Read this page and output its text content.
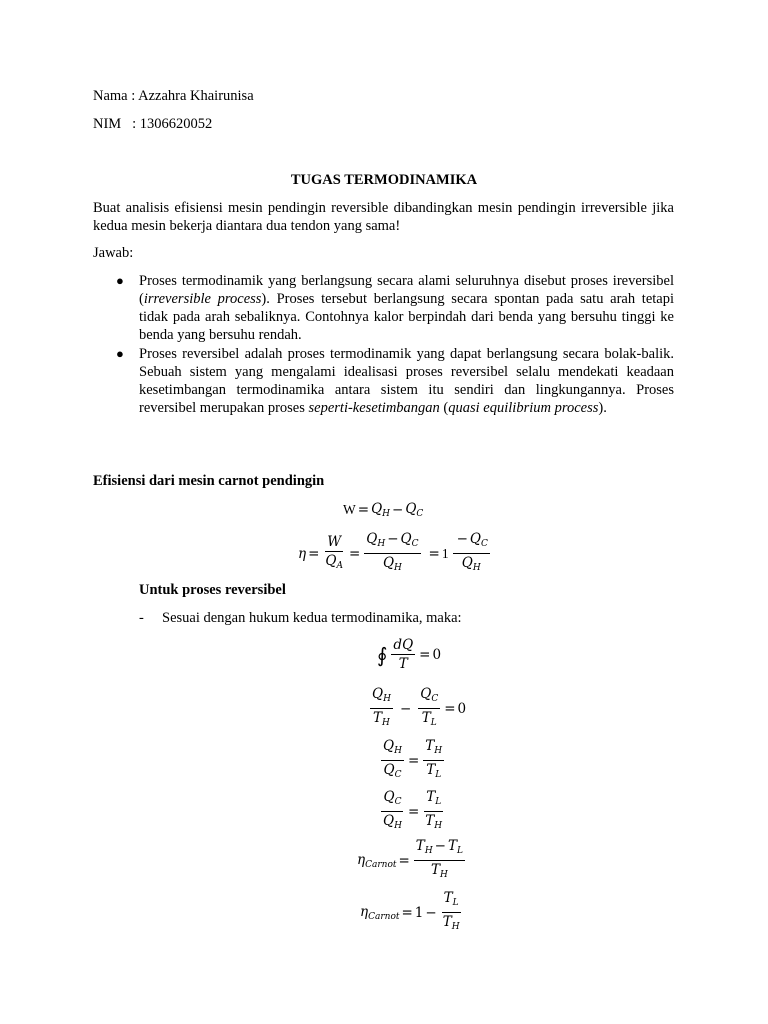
Nama : Azzahra Khairunisa
NIM   : 1306620052
TUGAS TERMODINAMIKA
Buat analisis efisiensi mesin pendingin reversible dibandingkan mesin pendingin irreversible jika kedua mesin bekerja diantara dua tendon yang sama!
Jawab:
● Proses termodinamik yang berlangsung secara alami seluruhnya disebut proses ireversibel (irreversible process). Proses tersebut berlangsung secara spontan pada satu arah tetapi tidak pada arah sebaliknya. Contohnya kalor berpindah dari benda yang bersuhu tinggi ke benda yang bersuhu rendah.
● Proses reversibel adalah proses termodinamik yang dapat berlangsung secara bolak-balik. Sebuah sistem yang mengalami idealisasi proses reversibel selalu mendekati keadaan kesetimbangan termodinamika antara sistem itu sendiri dan lingkungannya. Proses reversibel merupakan proses seperti-kesetimbangan (quasi equilibrium process).
Efisiensi dari mesin carnot pendingin
$W = Q_H - Q_C$
$\eta = \frac{W}{Q_A} = \frac{Q_H - Q_C}{Q_H} = 1 \frac{- Q_C}{Q_H}$
Untuk proses reversibel
- Sesuai dengan hukum kedua termodinamika, maka:
∮ $\frac{dQ}{T} = 0$
$\frac{Q_H}{T_H} - \frac{Q_C}{T_L} = 0$
$\frac{Q_H}{Q_C} = \frac{T_H}{T_L}$
$\frac{Q_C}{Q_H} = \frac{T_L}{T_H}$
$\eta_{Carnot} = \frac{T_H - T_L}{T_H}$
$\eta_{Carnot} = 1 - \frac{T_L}{T_H}$
